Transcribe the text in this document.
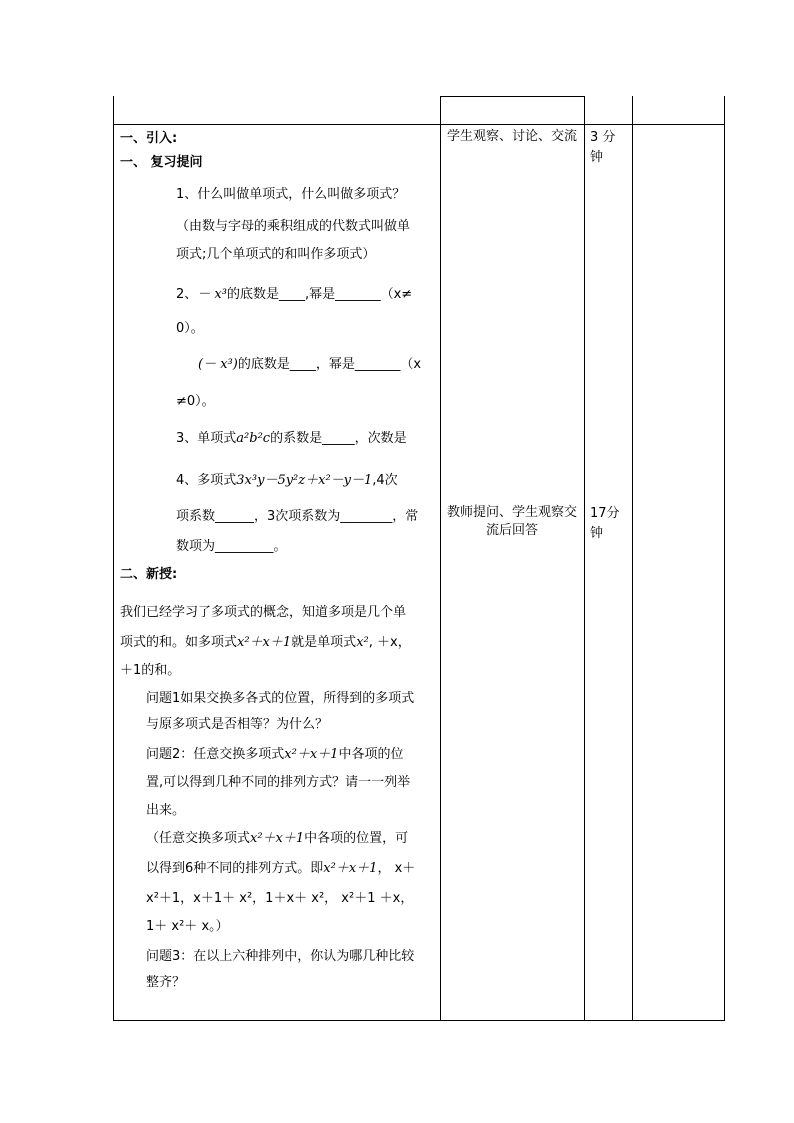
一、引入:
一、 复习提问
1、什么叫做单项式，什么叫做多项式？
（由数与字母的乘积组成的代数式叫做单
项式;几个单项式的和叫作多项式）
2、－ x³的底数是____,幂是_______（x≠
0）。
(－ x³)的底数是____，幂是_______（x
≠0）。
3、单项式a²b²c的系数是_____，次数是
4、多项式3x³y－5y²z＋x²－y－1,4次
项系数______，3次项系数为________，常
数项为_________。
二、新授:
我们已经学习了多项式的概念，知道多项是几个单
项式的和。如多项式x²＋x＋1就是单项式x², ＋x，
＋1的和。
问题1如果交换多各式的位置，所得到的多项式
与原多项式是否相等？为什么？
问题2：任意交换多项式x²＋x＋1中各项的位
置,可以得到几种不同的排列方式？请一一列举
出来。
（任意交换多项式x²＋x＋1中各项的位置，可
以得到6种不同的排列方式。即x²＋x＋1， x＋
x²＋1，x＋1＋ x²，1＋x＋ x²， x²＋1 ＋x，
1＋ x²＋ x。）
问题3：在以上六种排列中，你认为哪几种比较
整齐？
学生观察、讨论、交流
教师提问、学生观察交流后回答
3 分钟
17分钟
